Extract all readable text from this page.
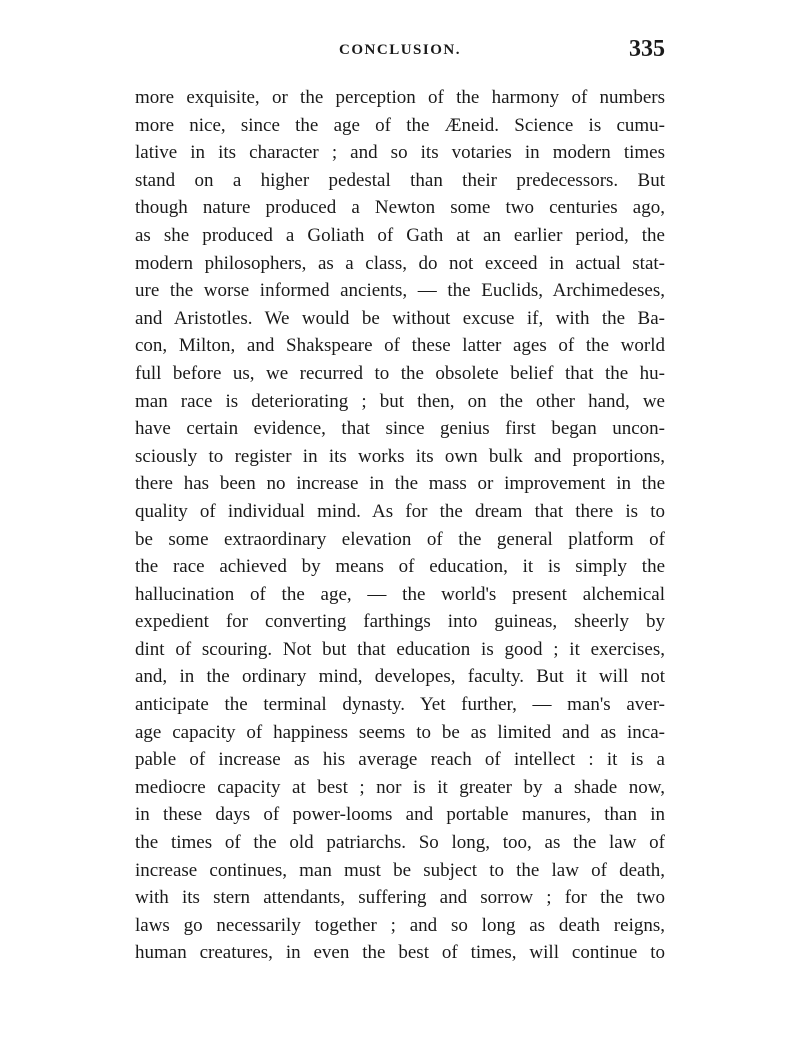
CONCLUSION.	335
more exquisite, or the perception of the harmony of numbers
more nice, since the age of the Æneid. Science is cumu-
lative in its character ; and so its votaries in modern times
stand on a higher pedestal than their predecessors. But
though nature produced a Newton some two centuries ago,
as she produced a Goliath of Gath at an earlier period, the
modern philosophers, as a class, do not exceed in actual stat-
ure the worse informed ancients, — the Euclids, Archimedeses,
and Aristotles. We would be without excuse if, with the Ba-
con, Milton, and Shakspeare of these latter ages of the world
full before us, we recurred to the obsolete belief that the hu-
man race is deteriorating ; but then, on the other hand, we
have certain evidence, that since genius first began uncon-
sciously to register in its works its own bulk and proportions,
there has been no increase in the mass or improvement in the
quality of individual mind. As for the dream that there is to
be some extraordinary elevation of the general platform of
the race achieved by means of education, it is simply the
hallucination of the age, — the world's present alchemical
expedient for converting farthings into guineas, sheerly by
dint of scouring. Not but that education is good ; it exercises,
and, in the ordinary mind, developes, faculty. But it will not
anticipate the terminal dynasty. Yet further, — man's aver-
age capacity of happiness seems to be as limited and as inca-
pable of increase as his average reach of intellect : it is a
mediocre capacity at best ; nor is it greater by a shade now,
in these days of power-looms and portable manures, than in
the times of the old patriarchs. So long, too, as the law of
increase continues, man must be subject to the law of death,
with its stern attendants, suffering and sorrow ; for the two
laws go necessarily together ; and so long as death reigns,
human creatures, in even the best of times, will continue to
